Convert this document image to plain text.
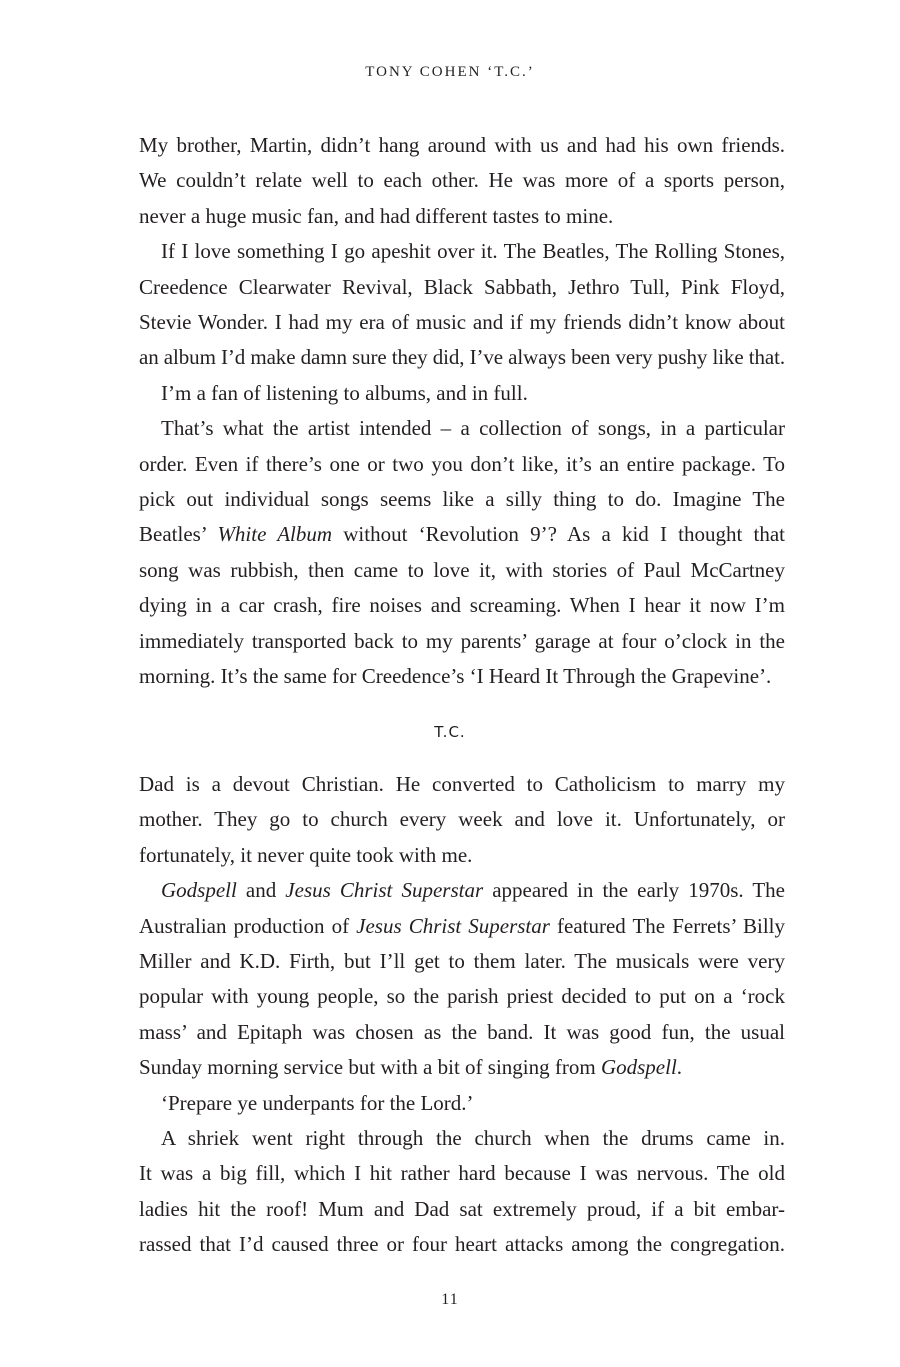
TONY COHEN ‘T.C.’

My brother, Martin, didn’t hang around with us and had his own friends.
We couldn’t relate well to each other. He was more of a sports person,
never a huge music fan, and had different tastes to mine.

If I love something I go apeshit over it. The Beatles, The Rolling Stones,
Creedence Clearwater Revival, Black Sabbath, Jethro Tull, Pink Floyd,
Stevie Wonder. I had my era of music and if my friends didn’t know about
an album I’d make damn sure they did, I’ve always been very pushy like that.

I’m a fan of listening to albums, and in full.

That’s what the artist intended – a collection of songs, in a particular
order. Even if there’s one or two you don’t like, it’s an entire package. To
pick out individual songs seems like a silly thing to do. Imagine The
Beatles’ White Album without ‘Revolution 9’? As a kid I thought that
song was rubbish, then came to love it, with stories of Paul McCartney
dying in a car crash, fire noises and screaming. When I hear it now I’m
immediately transported back to my parents’ garage at four o’clock in the
morning. It’s the same for Creedence’s ‘I Heard It Through the Grapevine’.

T.C.

Dad is a devout Christian. He converted to Catholicism to marry my
mother. They go to church every week and love it. Unfortunately, or
fortunately, it never quite took with me.

Godspell and Jesus Christ Superstar appeared in the early 1970s. The
Australian production of Jesus Christ Superstar featured The Ferrets’ Billy
Miller and K.D. Firth, but I’ll get to them later. The musicals were very
popular with young people, so the parish priest decided to put on a ‘rock
mass’ and Epitaph was chosen as the band. It was good fun, the usual
Sunday morning service but with a bit of singing from Godspell.

‘Prepare ye underpants for the Lord.’

A shriek went right through the church when the drums came in.
It was a big fill, which I hit rather hard because I was nervous. The old
ladies hit the roof! Mum and Dad sat extremely proud, if a bit embar-
rassed that I’d caused three or four heart attacks among the congregation.

11
